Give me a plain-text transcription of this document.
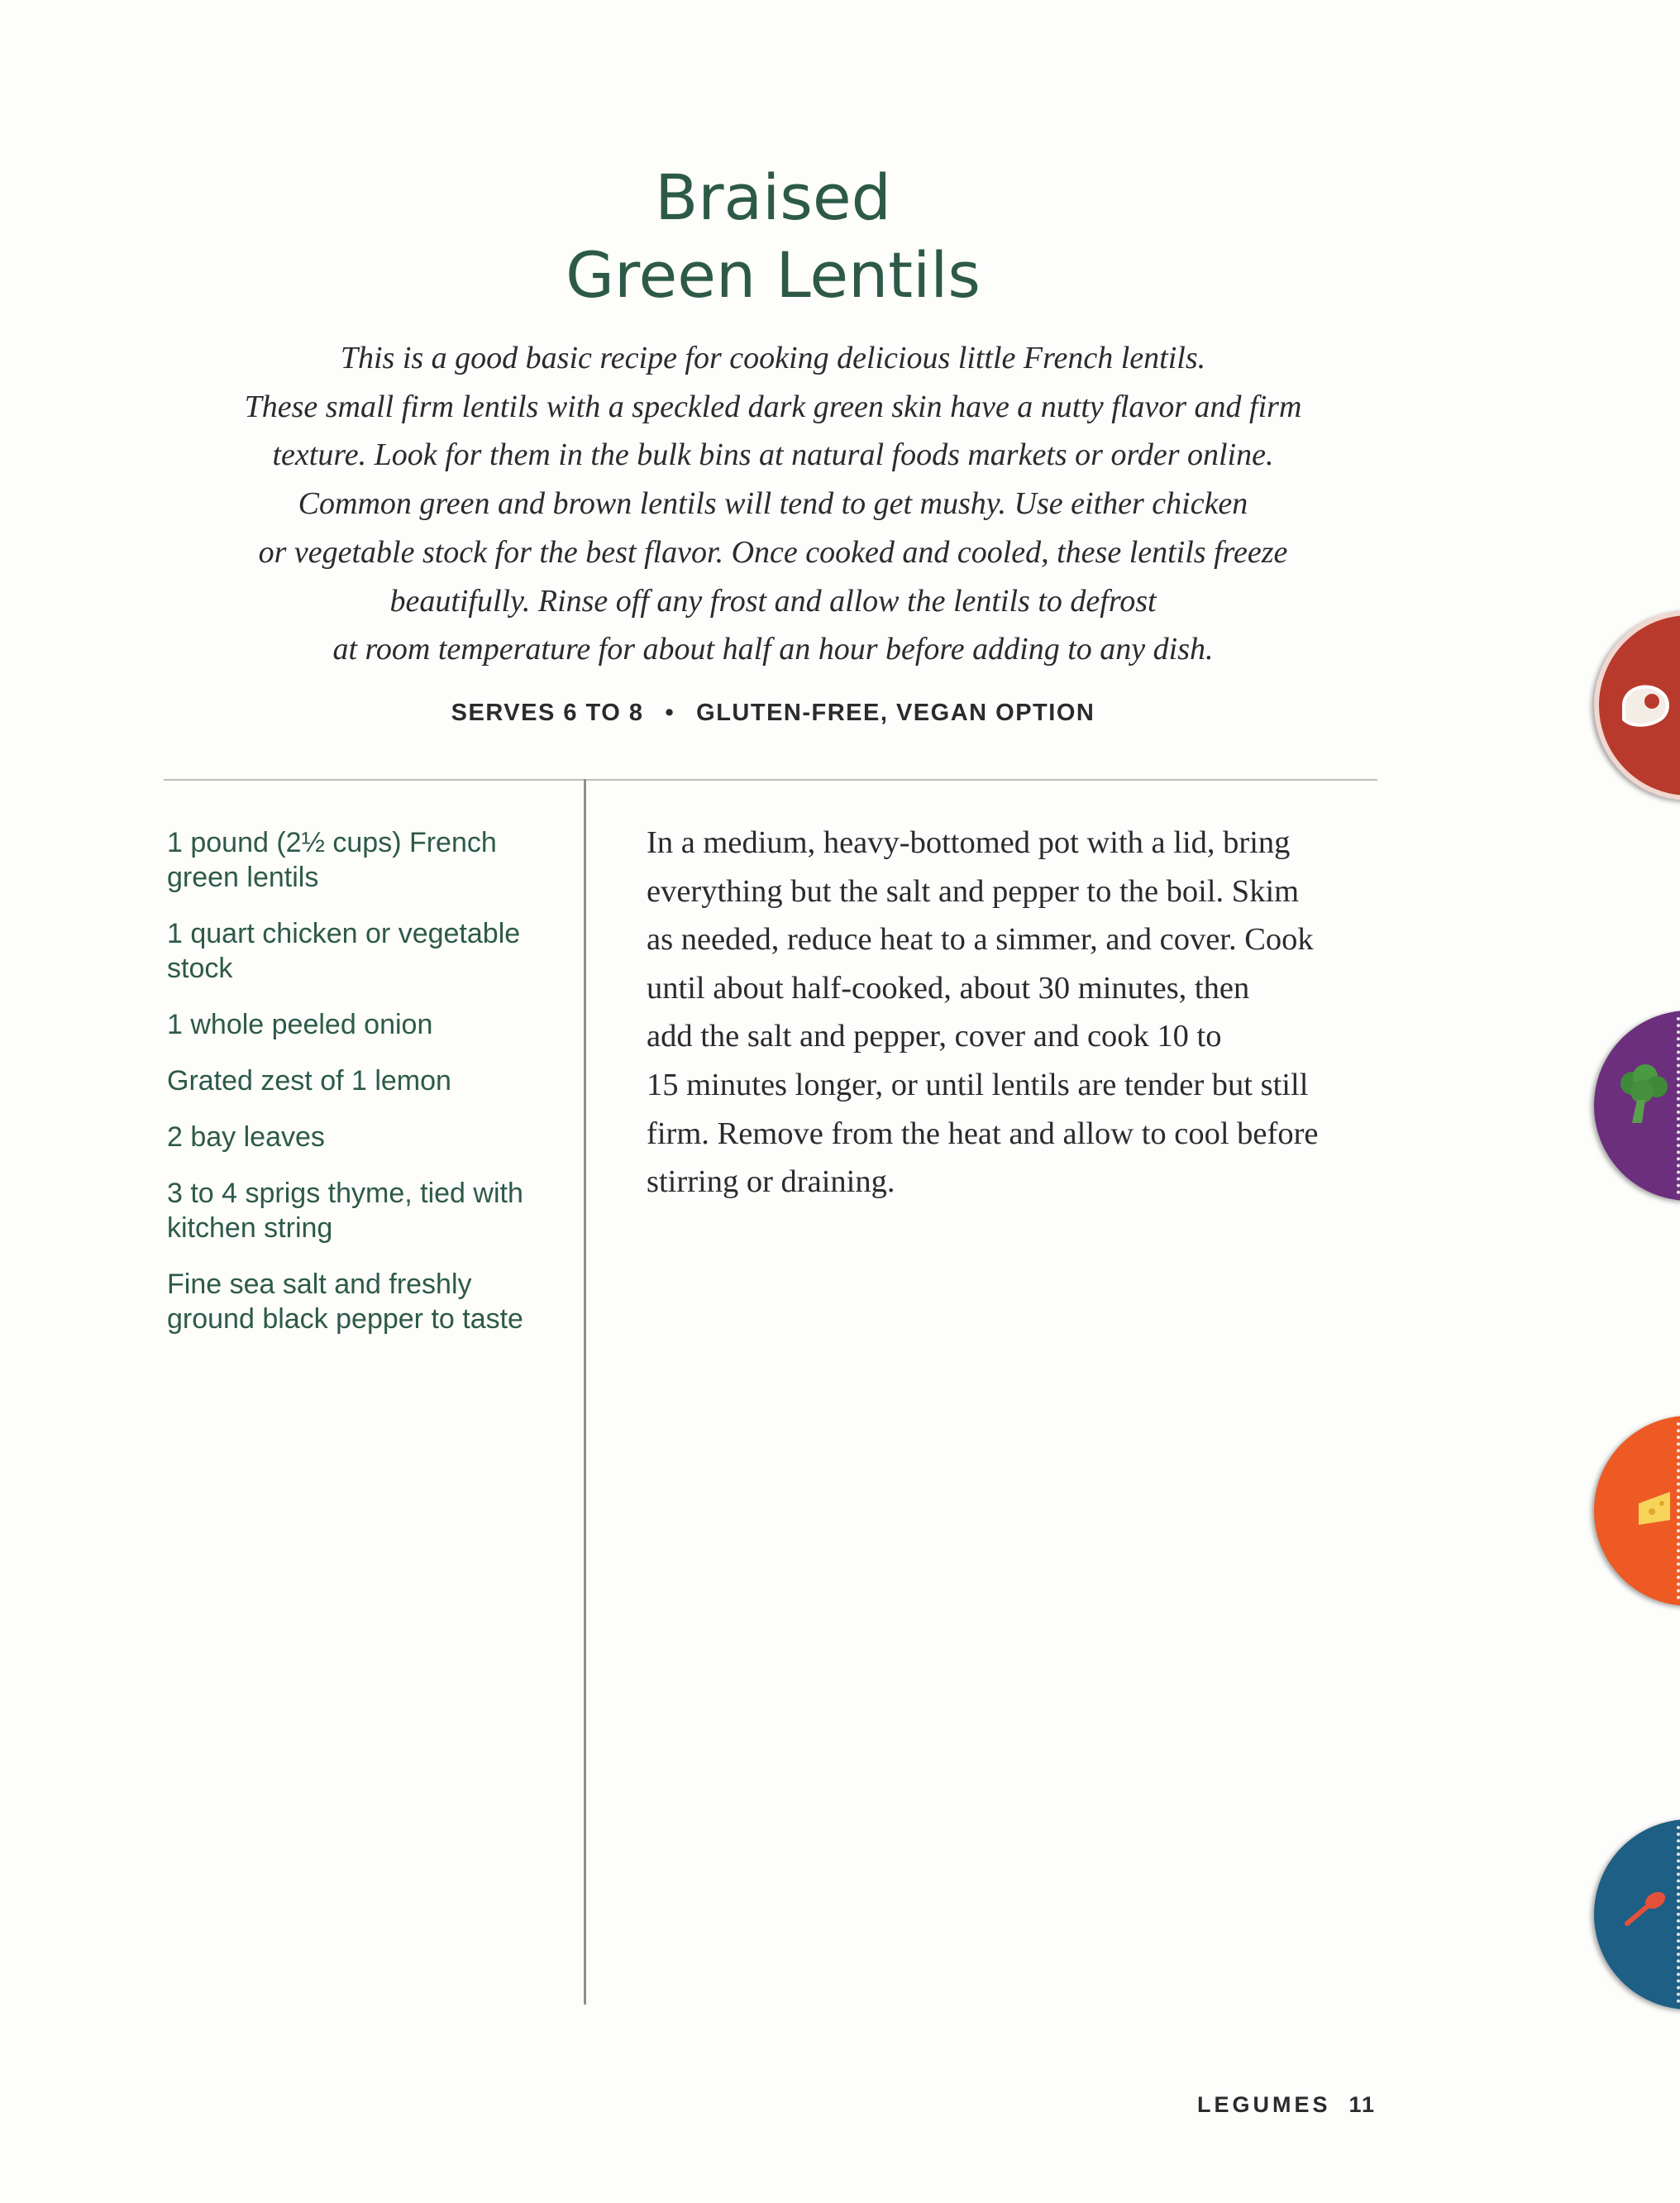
Braised
Green Lentils

This is a good basic recipe for cooking delicious little French lentils.
These small firm lentils with a speckled dark green skin have a nutty flavor and firm
texture. Look for them in the bulk bins at natural foods markets or order online.
Common green and brown lentils will tend to get mushy. Use either chicken
or vegetable stock for the best flavor. Once cooked and cooled, these lentils freeze
beautifully. Rinse off any frost and allow the lentils to defrost
at room temperature for about half an hour before adding to any dish.

SERVES 6 TO 8 • GLUTEN-FREE, VEGAN OPTION
1 pound (2½ cups) French green lentils
1 quart chicken or vegetable stock
1 whole peeled onion
Grated zest of 1 lemon
2 bay leaves
3 to 4 sprigs thyme, tied with kitchen string
Fine sea salt and freshly ground black pepper to taste

In a medium, heavy-bottomed pot with a lid, bring
everything but the salt and pepper to the boil. Skim
as needed, reduce heat to a simmer, and cover. Cook
until about half-cooked, about 30 minutes, then
add the salt and pepper, cover and cook 10 to
15 minutes longer, or until lentils are tender but still
firm. Remove from the heat and allow to cool before
stirring or draining.

LEGUMES 11
